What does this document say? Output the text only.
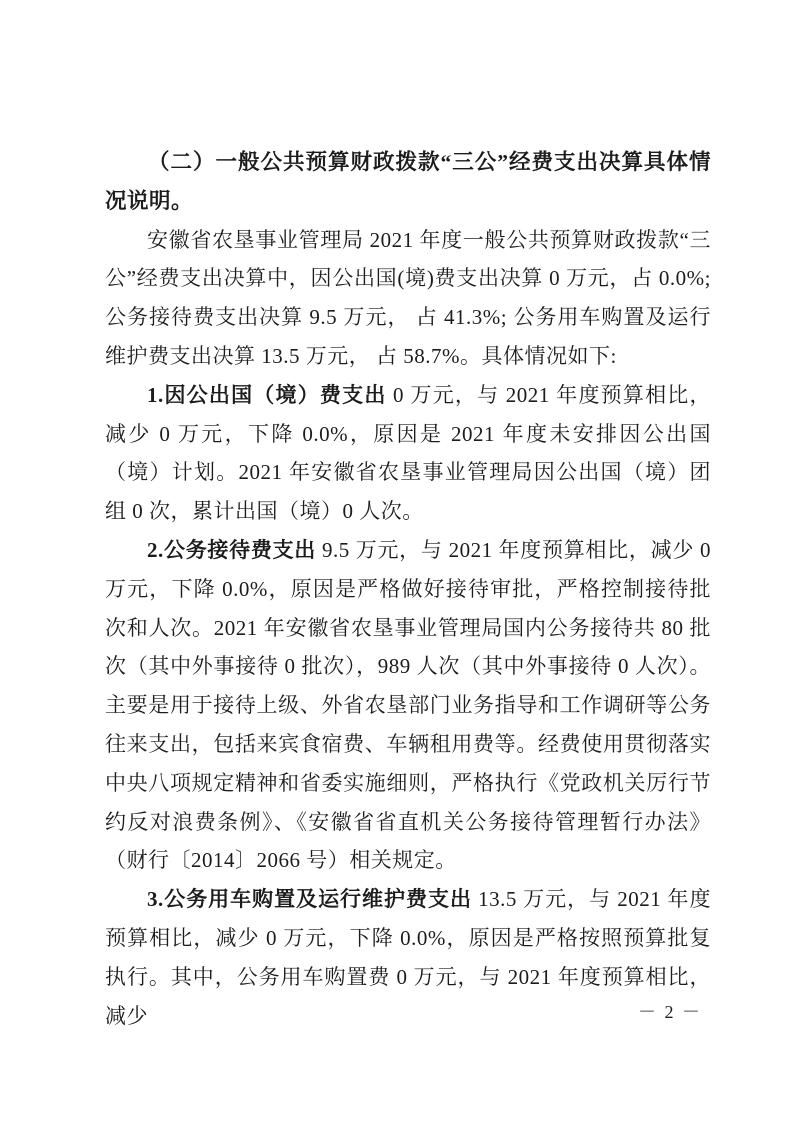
（二）一般公共预算财政拨款“三公”经费支出决算具体情况说明。

安徽省农垦事业管理局 2021 年度一般公共预算财政拨款“三公”经费支出决算中，因公出国(境)费支出决算 0 万元，占 0.0%; 公务接待费支出决算 9.5 万元， 占 41.3%; 公务用车购置及运行维护费支出决算 13.5 万元， 占 58.7%。具体情况如下:

1.因公出国（境）费支出 0 万元，与 2021 年度预算相比，减少 0 万元，下降 0.0%，原因是 2021 年度未安排因公出国（境）计划。2021 年安徽省农垦事业管理局因公出国（境）团组 0 次，累计出国（境）0 人次。

2.公务接待费支出 9.5 万元，与 2021 年度预算相比，减少 0 万元，下降 0.0%，原因是严格做好接待审批，严格控制接待批次和人次。2021 年安徽省农垦事业管理局国内公务接待共 80 批次（其中外事接待 0 批次），989 人次（其中外事接待 0 人次）。主要是用于接待上级、外省农垦部门业务指导和工作调研等公务往来支出，包括来宾食宿费、车辆租用费等。经费使用贯彻落实中央八项规定精神和省委实施细则，严格执行《党政机关厉行节约反对浪费条例》、《安徽省省直机关公务接待管理暂行办法》（财行〔2014〕2066 号）相关规定。

3.公务用车购置及运行维护费支出 13.5 万元，与 2021 年度预算相比，减少 0 万元，下降 0.0%，原因是严格按照预算批复执行。其中，公务用车购置费 0 万元，与 2021 年度预算相比，减少	－ 2 －
